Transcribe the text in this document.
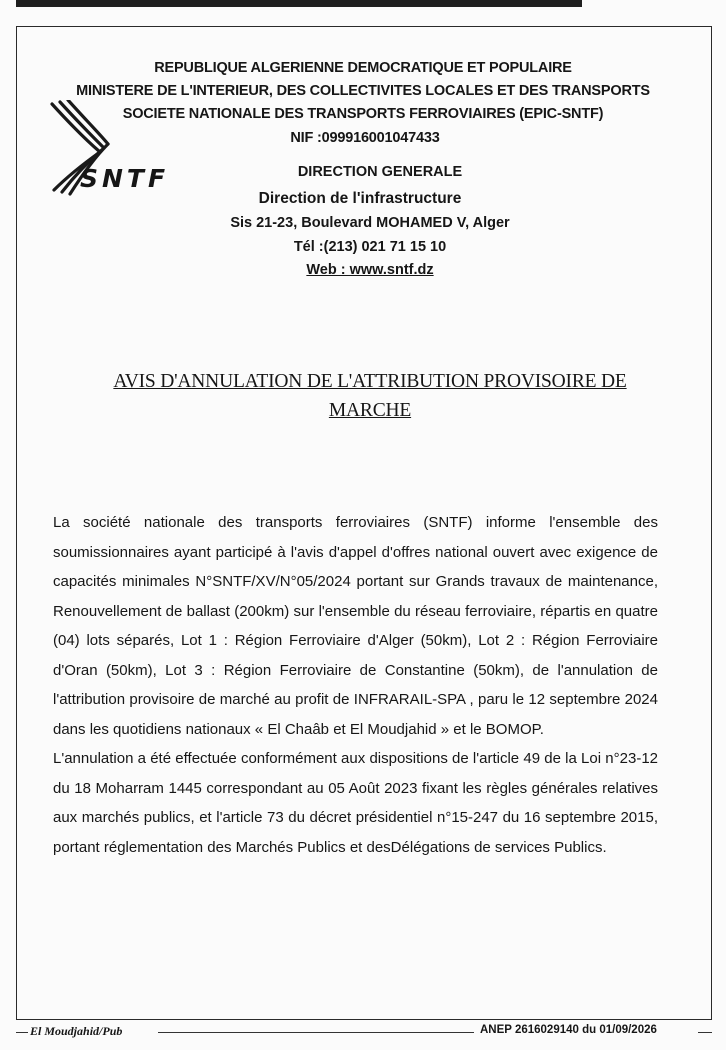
REPUBLIQUE ALGERIENNE DEMOCRATIQUE ET POPULAIRE
MINISTERE DE L'INTERIEUR, DES COLLECTIVITES LOCALES ET DES TRANSPORTS
SOCIETE NATIONALE DES TRANSPORTS FERROVIAIRES (EPIC-SNTF)
NIF :099916001047433
SNTF	DIRECTION GENERALE
Direction de l'infrastructure
Sis 21-23, Boulevard MOHAMED V, Alger
Tél :(213) 021 71 15 10
Web : www.sntf.dz
AVIS D'ANNULATION DE L'ATTRIBUTION PROVISOIRE DE
MARCHE

La société nationale des transports ferroviaires (SNTF) informe l'ensemble des soumissionnaires ayant participé à l'avis d'appel d'offres national ouvert avec exigence de capacités minimales N°SNTF/XV/N°05/2024 portant sur Grands travaux de maintenance, Renouvellement de ballast (200km) sur l'ensemble du réseau ferroviaire, répartis en quatre (04) lots séparés, Lot 1 : Région Ferroviaire d'Alger (50km), Lot 2 : Région Ferroviaire d'Oran (50km), Lot 3 : Région Ferroviaire de Constantine (50km), de l'annulation de l'attribution provisoire de marché au profit de INFRARAIL-SPA , paru le 12 septembre 2024 dans les quotidiens nationaux « El Chaâb et El Moudjahid » et le BOMOP.

L'annulation a été effectuée conformément aux dispositions de l'article 49 de la Loi n°23-12 du 18 Moharram 1445 correspondant au 05 Août 2023 fixant les règles générales relatives aux marchés publics, et l'article 73 du décret présidentiel n°15-247 du 16 septembre 2015, portant réglementation des Marchés Publics et desDélégations de services Publics.

El Moudjahid/Pub	ANEP 2616029140 du 01/09/2026
